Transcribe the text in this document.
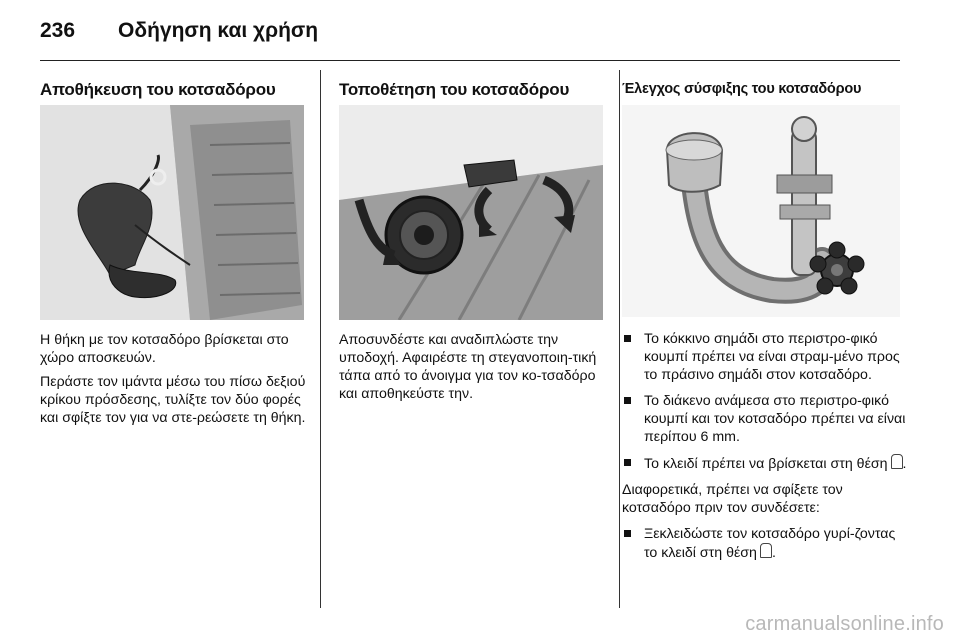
236 Οδήγηση και χρήση
Αποθήκευση του κοτσαδόρου

Η θήκη με τον κοτσαδόρο βρίσκεται στο χώρο αποσκευών.

Περάστε τον ιμάντα μέσω του πίσω δεξιού κρίκου πρόσδεσης, τυλίξτε τον δύο φορές και σφίξτε τον για να στε-ρεώσετε τη θήκη.

Τοποθέτηση του κοτσαδόρου

Αποσυνδέστε και αναδιπλώστε την υποδοχή. Αφαιρέστε τη στεγανοποιη-τική τάπα από το άνοιγμα για τον κο-τσαδόρο και αποθηκεύστε την.

Έλεγχος σύσφιξης του κοτσαδόρου
Το κόκκινο σημάδι στο περιστρο-φικό κουμπί πρέπει να είναι στραμ-μένο προς το πράσινο σημάδι στον κοτσαδόρο.
Το διάκενο ανάμεσα στο περιστρο-φικό κουμπί και τον κοτσαδόρο πρέπει να είναι περίπου 6 mm.
Το κλειδί πρέπει να βρίσκεται στη θέση .

Διαφορετικά, πρέπει να σφίξετε τον κοτσαδόρο πριν τον συνδέσετε:

Ξεκλειδώστε τον κοτσαδόρο γυρί-ζοντας το κλειδί στη θέση .
carmanualsonline.info
